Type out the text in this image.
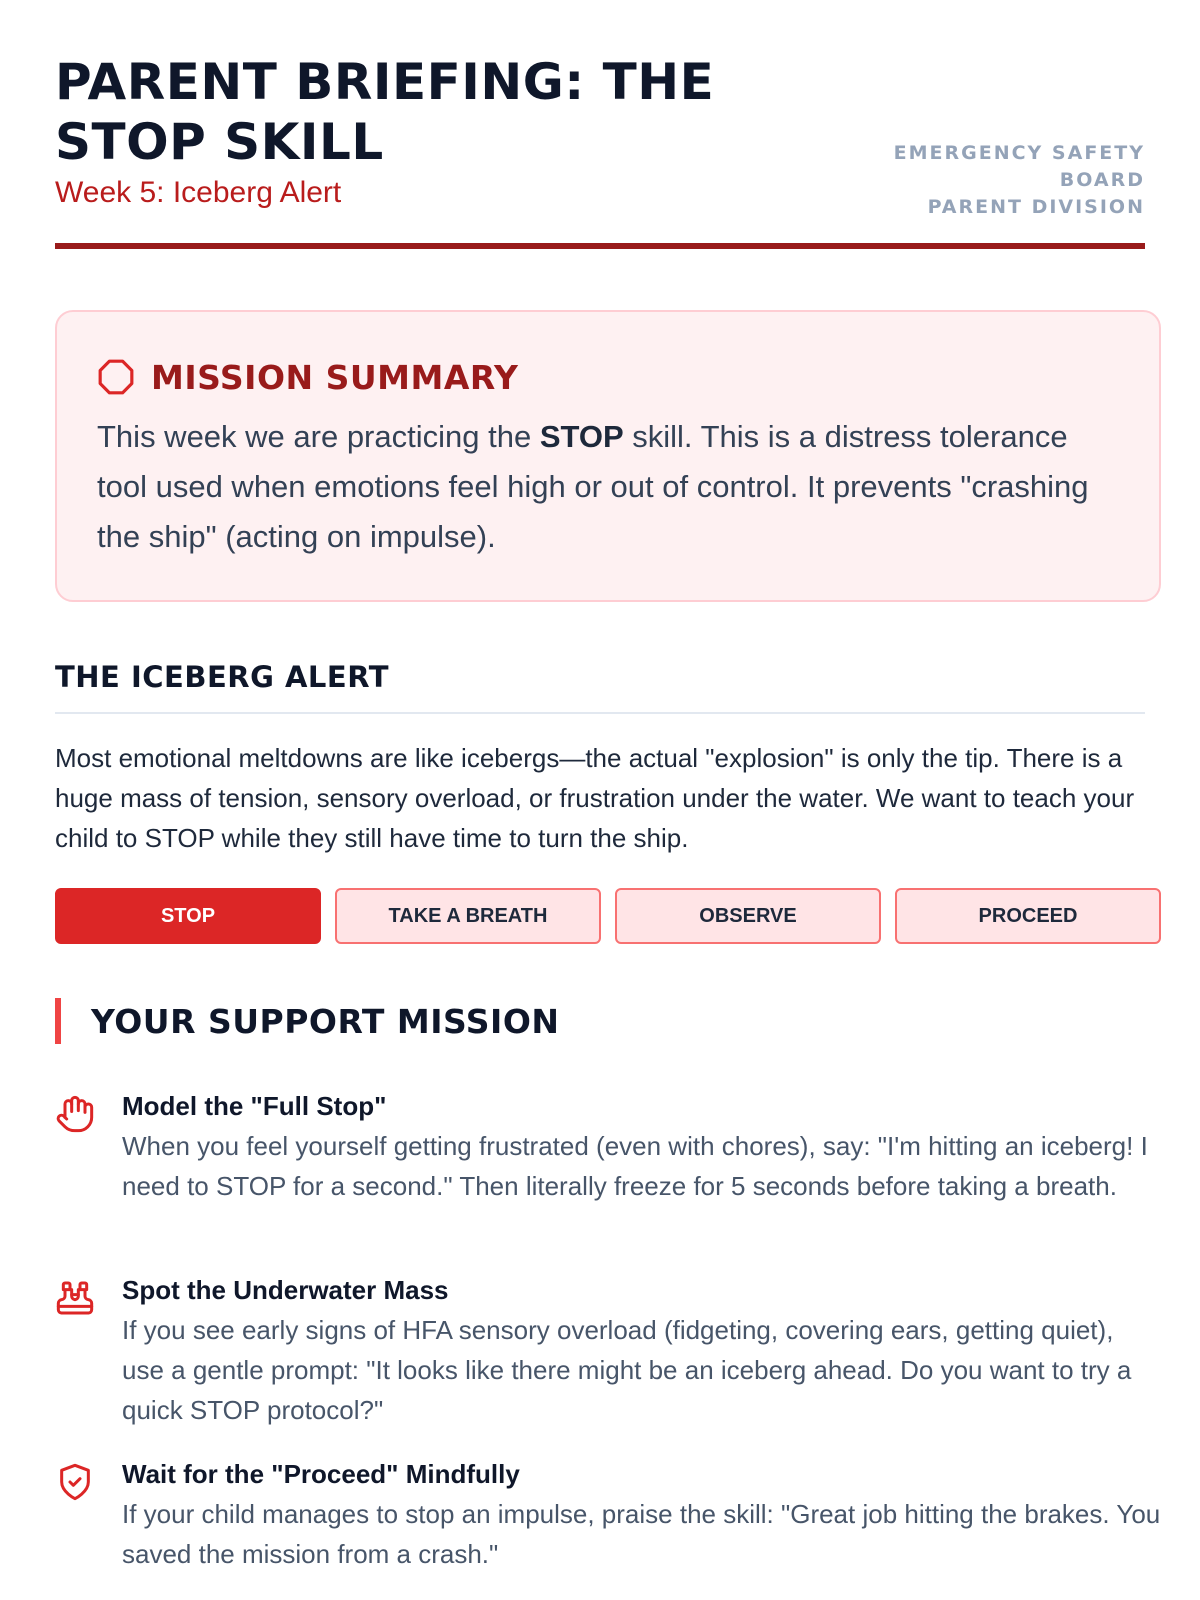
PARENT BRIEFING: THE STOP SKILL
Week 5: Iceberg Alert
EMERGENCY SAFETY BOARD
PARENT DIVISION
MISSION SUMMARY

This week we are practicing the STOP skill. This is a distress tolerance tool used when emotions feel high or out of control. It prevents "crashing the ship" (acting on impulse).

THE ICEBERG ALERT

Most emotional meltdowns are like icebergs—the actual "explosion" is only the tip. There is a huge mass of tension, sensory overload, or frustration under the water. We want to teach your child to STOP while they still have time to turn the ship.

STOP	TAKE A BREATH	OBSERVE	PROCEED
YOUR SUPPORT MISSION
Model the "Full Stop"
When you feel yourself getting frustrated (even with chores), say: "I'm hitting an iceberg! I need to STOP for a second." Then literally freeze for 5 seconds before taking a breath.
Spot the Underwater Mass
If you see early signs of HFA sensory overload (fidgeting, covering ears, getting quiet), use a gentle prompt: "It looks like there might be an iceberg ahead. Do you want to try a quick STOP protocol?"
Wait for the "Proceed" Mindfully
If your child manages to stop an impulse, praise the skill: "Great job hitting the brakes. You saved the mission from a crash."
